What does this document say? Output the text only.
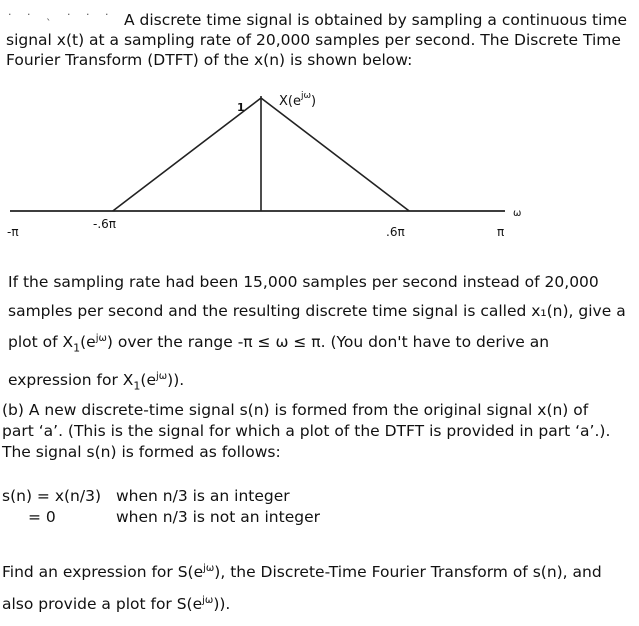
· · ˎ · · · A discrete time signal is obtained by sampling a continuous time
signal x(t) at a sampling rate of 20,000 samples per second. The Discrete Time
Fourier Transform (DTFT) of the x(n) is shown below:
$X(e^{j\omega})$
1
ω
-π
-.6π
.6π	π
If the sampling rate had been 15,000 samples per second instead of 20,000
samples per second and the resulting discrete time signal is called x₁(n), give a
plot of $X_1(e^{j\omega})$ over the range -π ≤ ω ≤ π. (You don't have to derive an
expression for $X_1(e^{j\omega})$).
(b) A new discrete-time signal s(n) is formed from the original signal x(n) of
part ‘a’. (This is the signal for which a plot of the DTFT is provided in part ‘a’.).
The signal s(n) is formed as follows:
s(n) = x(n/3) when n/3 is an integer
= 0	when n/3 is not an integer
Find an expression for $S(e^{j\omega})$, the Discrete-Time Fourier Transform of s(n), and
also provide a plot for $S(e^{j\omega})$).
